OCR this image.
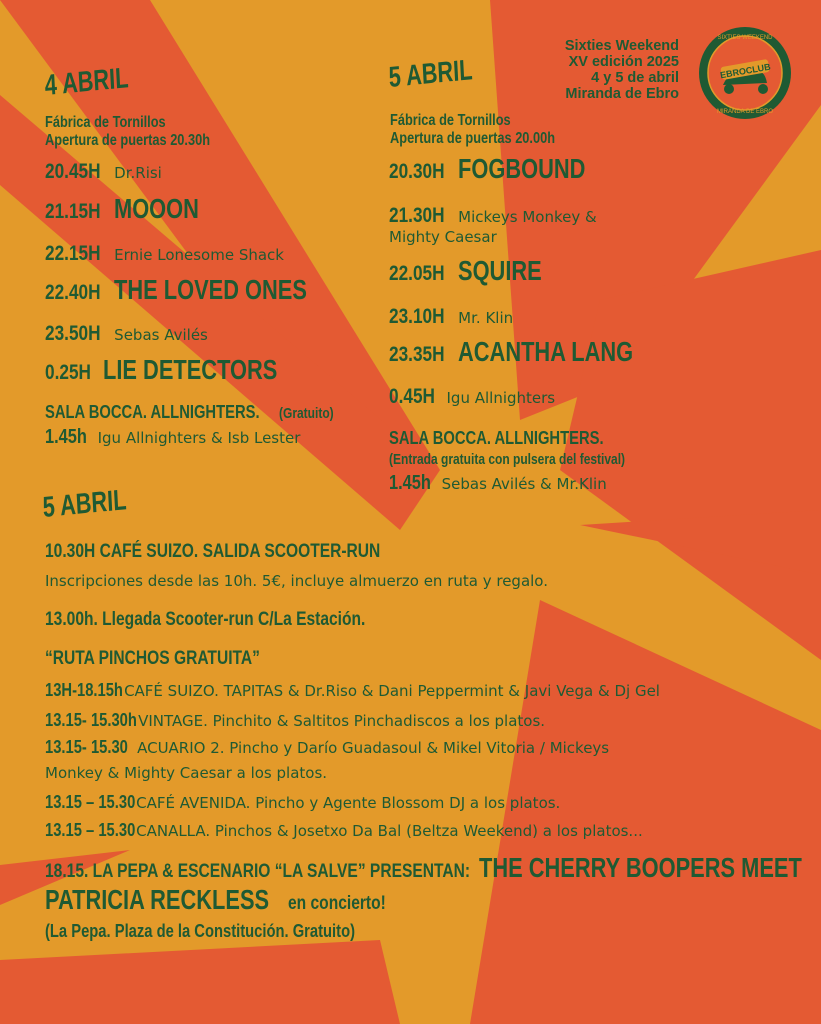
Sixties Weekend
XV edición 2025
4 y 5 de abril
Miranda de Ebro
EBROCLUB
SIXTIES WEEKEND
MIRANDA DE EBRO
4 ABRIL
Fábrica de Tornillos
Apertura de puertas 20.30h
20.45H Dr.Risi
21.15H MOOON
22.15H Ernie Lonesome Shack
22.40H THE LOVED ONES
23.50H Sebas Avilés
0.25H LIE DETECTORS
SALA BOCCA. ALLNIGHTERS. (Gratuito)
1.45h Igu Allnighters & Isb Lester
5 ABRIL
Fábrica de Tornillos
Apertura de puertas 20.00h
20.30H FOGBOUND
21.30H Mickeys Monkey &
Mighty Caesar
22.05H SQUIRE
23.10H Mr. Klin
23.35H ACANTHA LANG
0.45H Igu Allnighters
SALA BOCCA. ALLNIGHTERS.
(Entrada gratuita con pulsera del festival)
1.45h Sebas Avilés & Mr.Klin
5 ABRIL
10.30H CAFÉ SUIZO. SALIDA SCOOTER-RUN
Inscripciones desde las 10h. 5€, incluye almuerzo en ruta y regalo.
13.00h. Llegada Scooter-run C/La Estación.
“RUTA PINCHOS GRATUITA”
13H-18.15hCAFÉ SUIZO. TAPITAS & Dr.Riso & Dani Peppermint & Javi Vega & Dj Gel
13.15- 15.30hVINTAGE. Pinchito & Saltitos Pinchadiscos a los platos.
13.15- 15.30 ACUARIO 2. Pincho y Darío Guadasoul & Mikel Vitoria / Mickeys
Monkey & Mighty Caesar a los platos.
13.15 – 15.30CAFÉ AVENIDA. Pincho y Agente Blossom DJ a los platos.
13.15 – 15.30CANALLA. Pinchos & Josetxo Da Bal (Beltza Weekend) a los platos...
18.15. LA PEPA & ESCENARIO “LA SALVE” PRESENTAN: THE CHERRY BOOPERS MEET
PATRICIA RECKLESS en concierto!
(La Pepa. Plaza de la Constitución. Gratuito)
